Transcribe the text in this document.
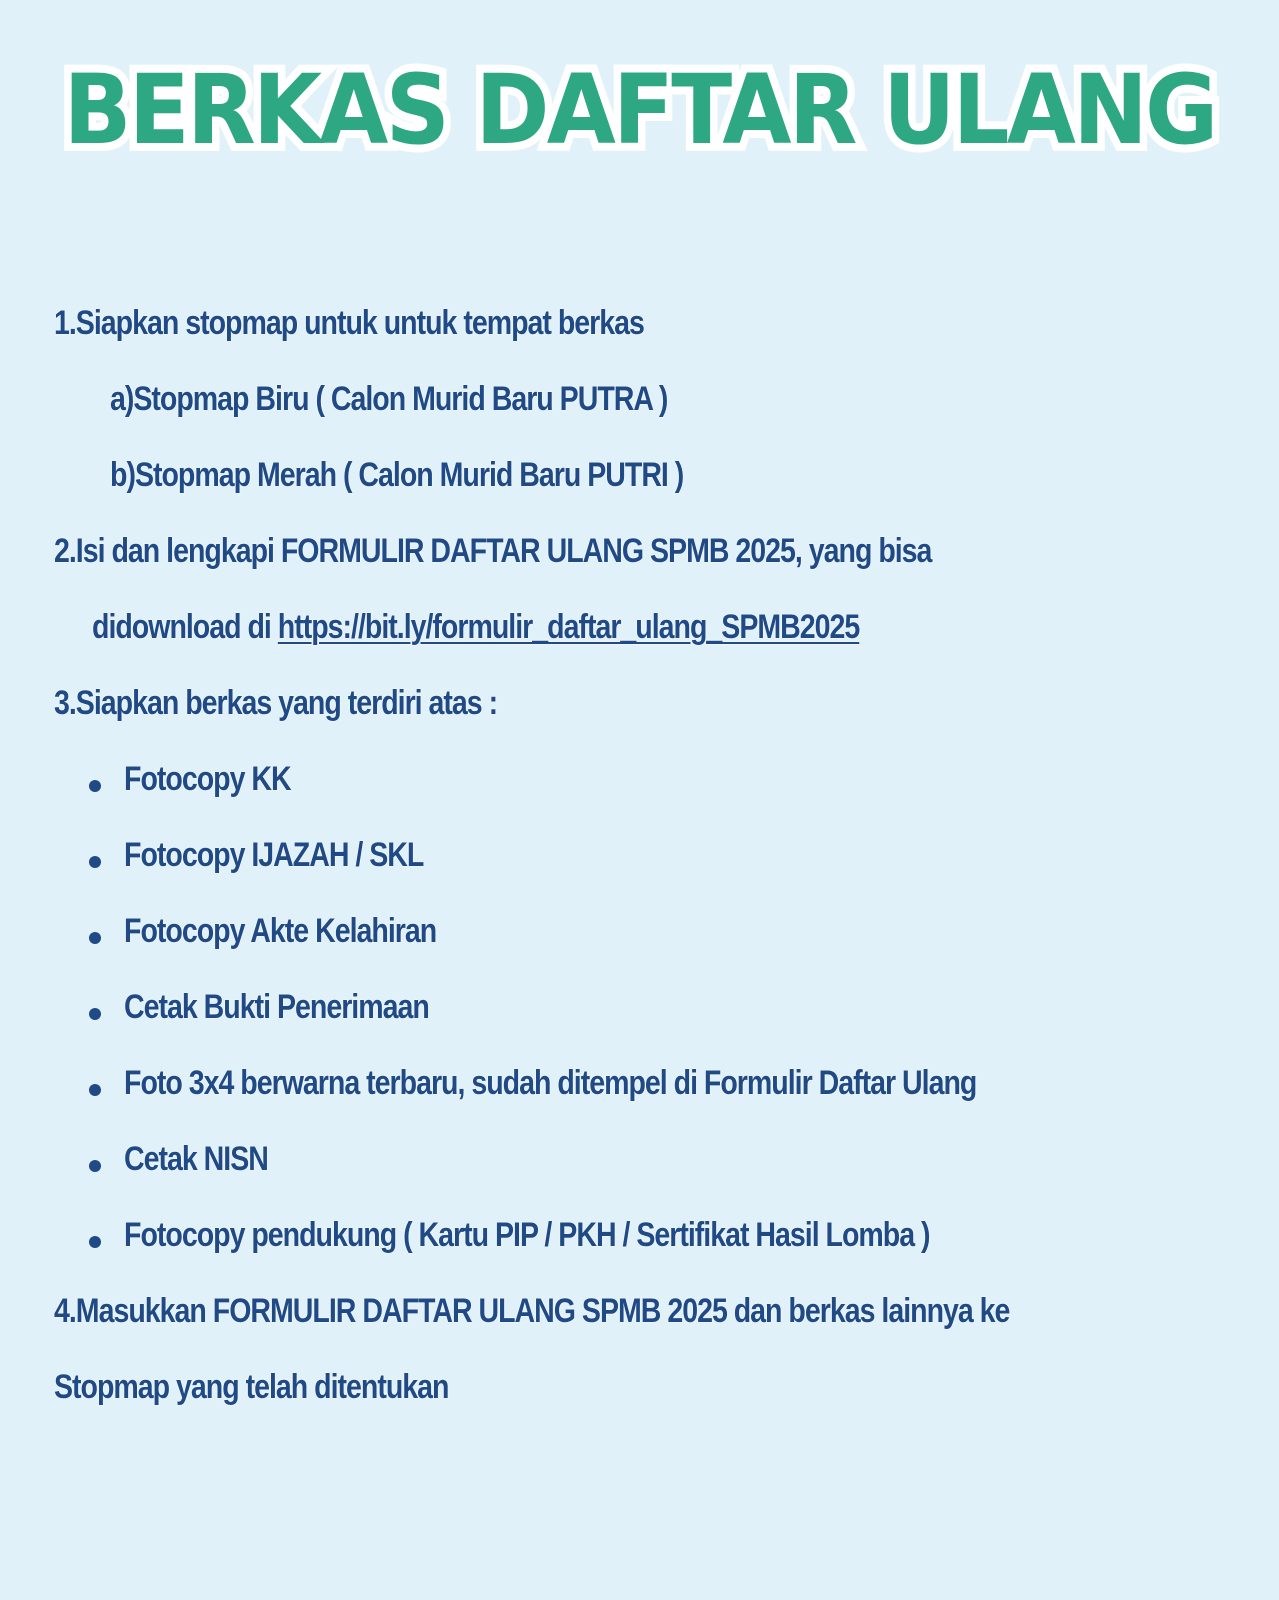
BERKAS DAFTAR ULANG
1.Siapkan stopmap untuk untuk tempat berkas
a)Stopmap Biru ( Calon Murid Baru PUTRA )
b)Stopmap Merah ( Calon Murid Baru PUTRI )
2.Isi dan lengkapi FORMULIR DAFTAR ULANG SPMB 2025, yang bisa
didownload di https://bit.ly/formulir_daftar_ulang_SPMB2025
3.Siapkan berkas yang terdiri atas :
Fotocopy KK
Fotocopy IJAZAH / SKL
Fotocopy Akte Kelahiran
Cetak Bukti Penerimaan
Foto 3x4 berwarna terbaru, sudah ditempel di Formulir Daftar Ulang
Cetak NISN
Fotocopy pendukung ( Kartu PIP / PKH / Sertifikat Hasil Lomba )
4.Masukkan FORMULIR DAFTAR ULANG SPMB 2025 dan berkas lainnya ke
Stopmap yang telah ditentukan
